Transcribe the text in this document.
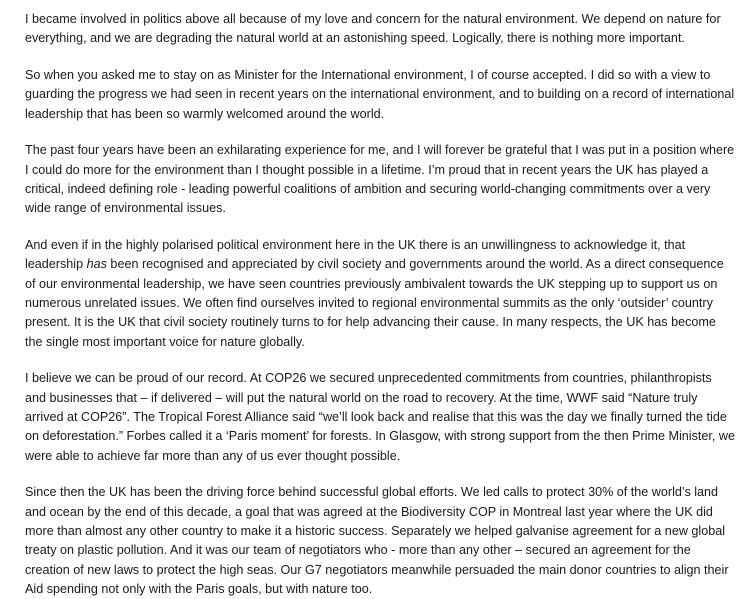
I became involved in politics above all because of my love and concern for the natural environment. We depend on nature for everything, and we are degrading the natural world at an astonishing speed. Logically, there is nothing more important.

So when you asked me to stay on as Minister for the International environment, I of course accepted. I did so with a view to guarding the progress we had seen in recent years on the international environment, and to building on a record of international leadership that has been so warmly welcomed around the world.

The past four years have been an exhilarating experience for me, and I will forever be grateful that I was put in a position where I could do more for the environment than I thought possible in a lifetime. I’m proud that in recent years the UK has played a critical, indeed defining role - leading powerful coalitions of ambition and securing world-changing commitments over a very wide range of environmental issues.

And even if in the highly polarised political environment here in the UK there is an unwillingness to acknowledge it, that leadership has been recognised and appreciated by civil society and governments around the world. As a direct consequence of our environmental leadership, we have seen countries previously ambivalent towards the UK stepping up to support us on numerous unrelated issues. We often find ourselves invited to regional environmental summits as the only ‘outsider’ country present. It is the UK that civil society routinely turns to for help advancing their cause. In many respects, the UK has become the single most important voice for nature globally.

I believe we can be proud of our record. At COP26 we secured unprecedented commitments from countries, philanthropists and businesses that – if delivered – will put the natural world on the road to recovery. At the time, WWF said “Nature truly arrived at COP26”. The Tropical Forest Alliance said “we’ll look back and realise that this was the day we finally turned the tide on deforestation.” Forbes called it a ‘Paris moment’ for forests. In Glasgow, with strong support from the then Prime Minister, we were able to achieve far more than any of us ever thought possible.

Since then the UK has been the driving force behind successful global efforts. We led calls to protect 30% of the world’s land and ocean by the end of this decade, a goal that was agreed at the Biodiversity COP in Montreal last year where the UK did more than almost any other country to make it a historic success. Separately we helped galvanise agreement for a new global treaty on plastic pollution. And it was our team of negotiators who - more than any other – secured an agreement for the creation of new laws to protect the high seas. Our G7 negotiators meanwhile persuaded the main donor countries to align their Aid spending not only with the Paris goals, but with nature too.
